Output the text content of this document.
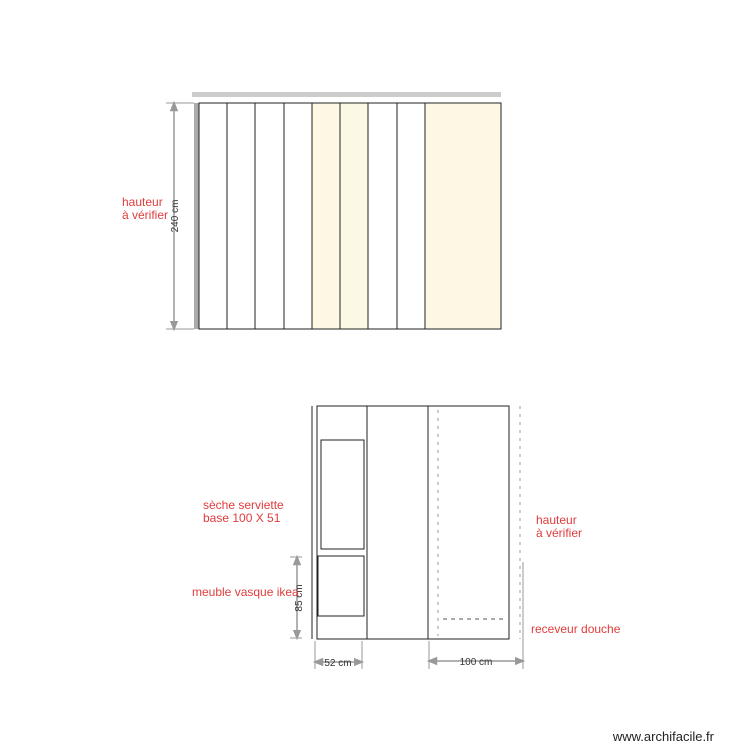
240 cm
hauteur
à vérifier
85 cm
52 cm	100 cm
sèche serviette
base 100 X 51
meuble vasque ikea
hauteur
à vérifier
receveur douche
www.archifacile.fr
